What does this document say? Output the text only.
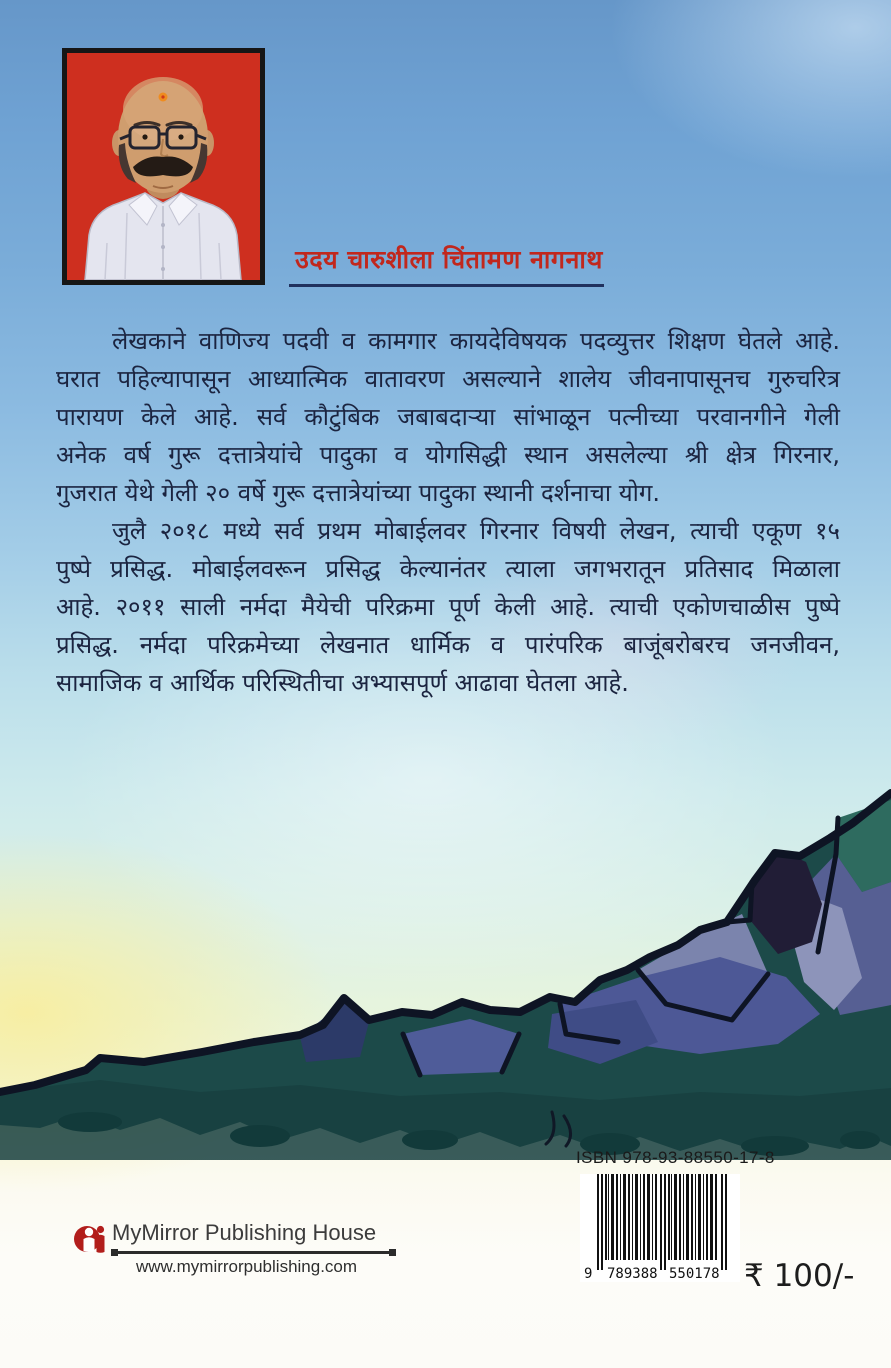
उदय चारुशीला चिंतामण नागनाथ
लेखकाने वाणिज्य पदवी व कामगार कायदेविषयक पदव्युत्तर शिक्षण घेतले आहे.
घरात पहिल्यापासून आध्यात्मिक वातावरण असल्याने शालेय जीवनापासूनच गुरुचरित्र
पारायण केले आहे. सर्व कौटुंबिक जबाबदाऱ्या सांभाळून पत्नीच्या परवानगीने गेली
अनेक वर्ष गुरू दत्तात्रेयांचे पादुका व योगसिद्धी स्थान असलेल्या श्री क्षेत्र गिरनार,
गुजरात येथे गेली २० वर्षे गुरू दत्तात्रेयांच्या पादुका स्थानी दर्शनाचा योग.
जुलै २०१८ मध्ये सर्व प्रथम मोबाईलवर गिरनार विषयी लेखन, त्याची एकूण १५
पुष्पे प्रसिद्ध. मोबाईलवरून प्रसिद्ध केल्यानंतर त्याला जगभरातून प्रतिसाद मिळाला
आहे. २०११ साली नर्मदा मैयेची परिक्रमा पूर्ण केली आहे. त्याची एकोणचाळीस पुष्पे
प्रसिद्ध. नर्मदा परिक्रमेच्या लेखनात धार्मिक व पारंपरिक बाजूंबरोबरच जनजीवन,
सामाजिक व आर्थिक परिस्थितीचा अभ्यासपूर्ण आढावा घेतला आहे.
ISBN 978-93-88550-17-8
9 789388 550178 ₹ 100/-
MyMirror Publishing House
www.mymirrorpublishing.com
